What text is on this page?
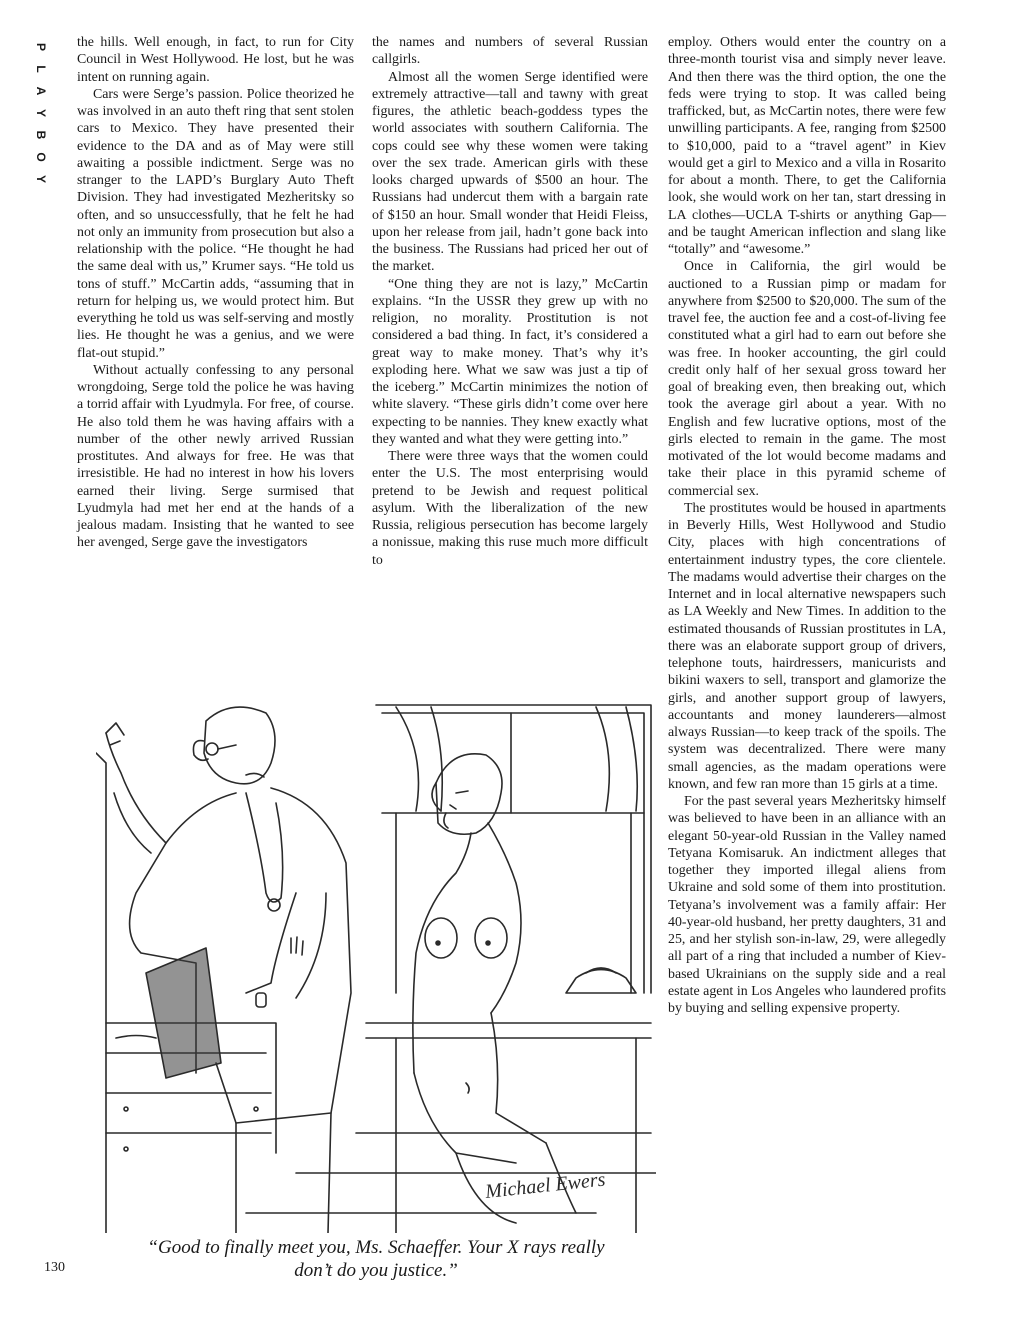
P
L
A
Y
B
O
Y

the hills. Well enough, in fact, to run for City Council in West Hollywood. He lost, but he was intent on running again.

Cars were Serge’s passion. Police theorized he was involved in an auto theft ring that sent stolen cars to Mexico. They have presented their evidence to the DA and as of May were still awaiting a possible indictment. Serge was no stranger to the LAPD’s Burglary Auto Theft Division. They had investigated Mezheritsky so often, and so unsuccessfully, that he felt he had not only an immunity from prosecution but also a relationship with the police. “He thought he had the same deal with us,” Krumer says. “He told us tons of stuff.” McCartin adds, “assuming that in return for helping us, we would protect him. But everything he told us was self-serving and mostly lies. He thought he was a genius, and we were flat-out stupid.”

Without actually confessing to any personal wrongdoing, Serge told the police he was having a torrid affair with Lyudmyla. For free, of course. He also told them he was having affairs with a number of the other newly arrived Russian prostitutes. And always for free. He was that irresistible. He had no interest in how his lovers earned their living. Serge surmised that Lyudmyla had met her end at the hands of a jealous madam. Insisting that he wanted to see her avenged, Serge gave the investigators

the names and numbers of several Russian callgirls.

Almost all the women Serge identified were extremely attractive—tall and tawny with great figures, the athletic beach-goddess types the world associates with southern California. The cops could see why these women were taking over the sex trade. American girls with these looks charged upwards of $500 an hour. The Russians had undercut them with a bargain rate of $150 an hour. Small wonder that Heidi Fleiss, upon her release from jail, hadn’t gone back into the business. The Russians had priced her out of the market.

“One thing they are not is lazy,” McCartin explains. “In the USSR they grew up with no religion, no morality. Prostitution is not considered a bad thing. In fact, it’s considered a great way to make money. That’s why it’s exploding here. What we saw was just a tip of the iceberg.” McCartin minimizes the notion of white slavery. “These girls didn’t come over here expecting to be nannies. They knew exactly what they wanted and what they were getting into.”

There were three ways that the women could enter the U.S. The most enterprising would pretend to be Jewish and request political asylum. With the liberalization of the new Russia, religious persecution has become largely a nonissue, making this ruse much more difficult to

employ. Others would enter the country on a three-month tourist visa and simply never leave. And then there was the third option, the one the feds were trying to stop. It was called being trafficked, but, as McCartin notes, there were few unwilling participants. A fee, ranging from $2500 to $10,000, paid to a “travel agent” in Kiev would get a girl to Mexico and a villa in Rosarito for about a month. There, to get the California look, she would work on her tan, start dressing in LA clothes—UCLA T-shirts or anything Gap—and be taught American inflection and slang like “totally” and “awesome.”

Once in California, the girl would be auctioned to a Russian pimp or madam for anywhere from $2500 to $20,000. The sum of the travel fee, the auction fee and a cost-of-living fee constituted what a girl had to earn out before she was free. In hooker accounting, the girl could credit only half of her sexual gross toward her goal of breaking even, then breaking out, which took the average girl about a year. With no English and few lucrative options, most of the girls elected to remain in the game. The most motivated of the lot would become madams and take their place in this pyramid scheme of commercial sex.

The prostitutes would be housed in apartments in Beverly Hills, West Hollywood and Studio City, places with high concentrations of entertainment industry types, the core clientele. The madams would advertise their charges on the Internet and in local alternative newspapers such as LA Weekly and New Times. In addition to the estimated thousands of Russian prostitutes in LA, there was an elaborate support group of drivers, telephone touts, hairdressers, manicurists and bikini waxers to sell, transport and glamorize the girls, and another support group of lawyers, accountants and money launderers—almost always Russian—to keep track of the spoils. The system was decentralized. There were many small agencies, as the madam operations were known, and few ran more than 15 girls at a time.

For the past several years Mezheritsky himself was believed to have been in an alliance with an elegant 50-year-old Russian in the Valley named Tetyana Komisaruk. An indictment alleges that together they imported illegal aliens from Ukraine and sold some of them into prostitution. Tetyana’s involvement was a family affair: Her 40-year-old husband, her pretty daughters, 31 and 25, and her stylish son-in-law, 29, were allegedly all part of a ring that included a number of Kiev-based Ukrainians on the supply side and a real estate agent in Los Angeles who laundered profits by buying and selling expensive property.

Michael Ewers
“Good to finally meet you, Ms. Schaeffer. Your X rays really
don’t do you justice.”
130
